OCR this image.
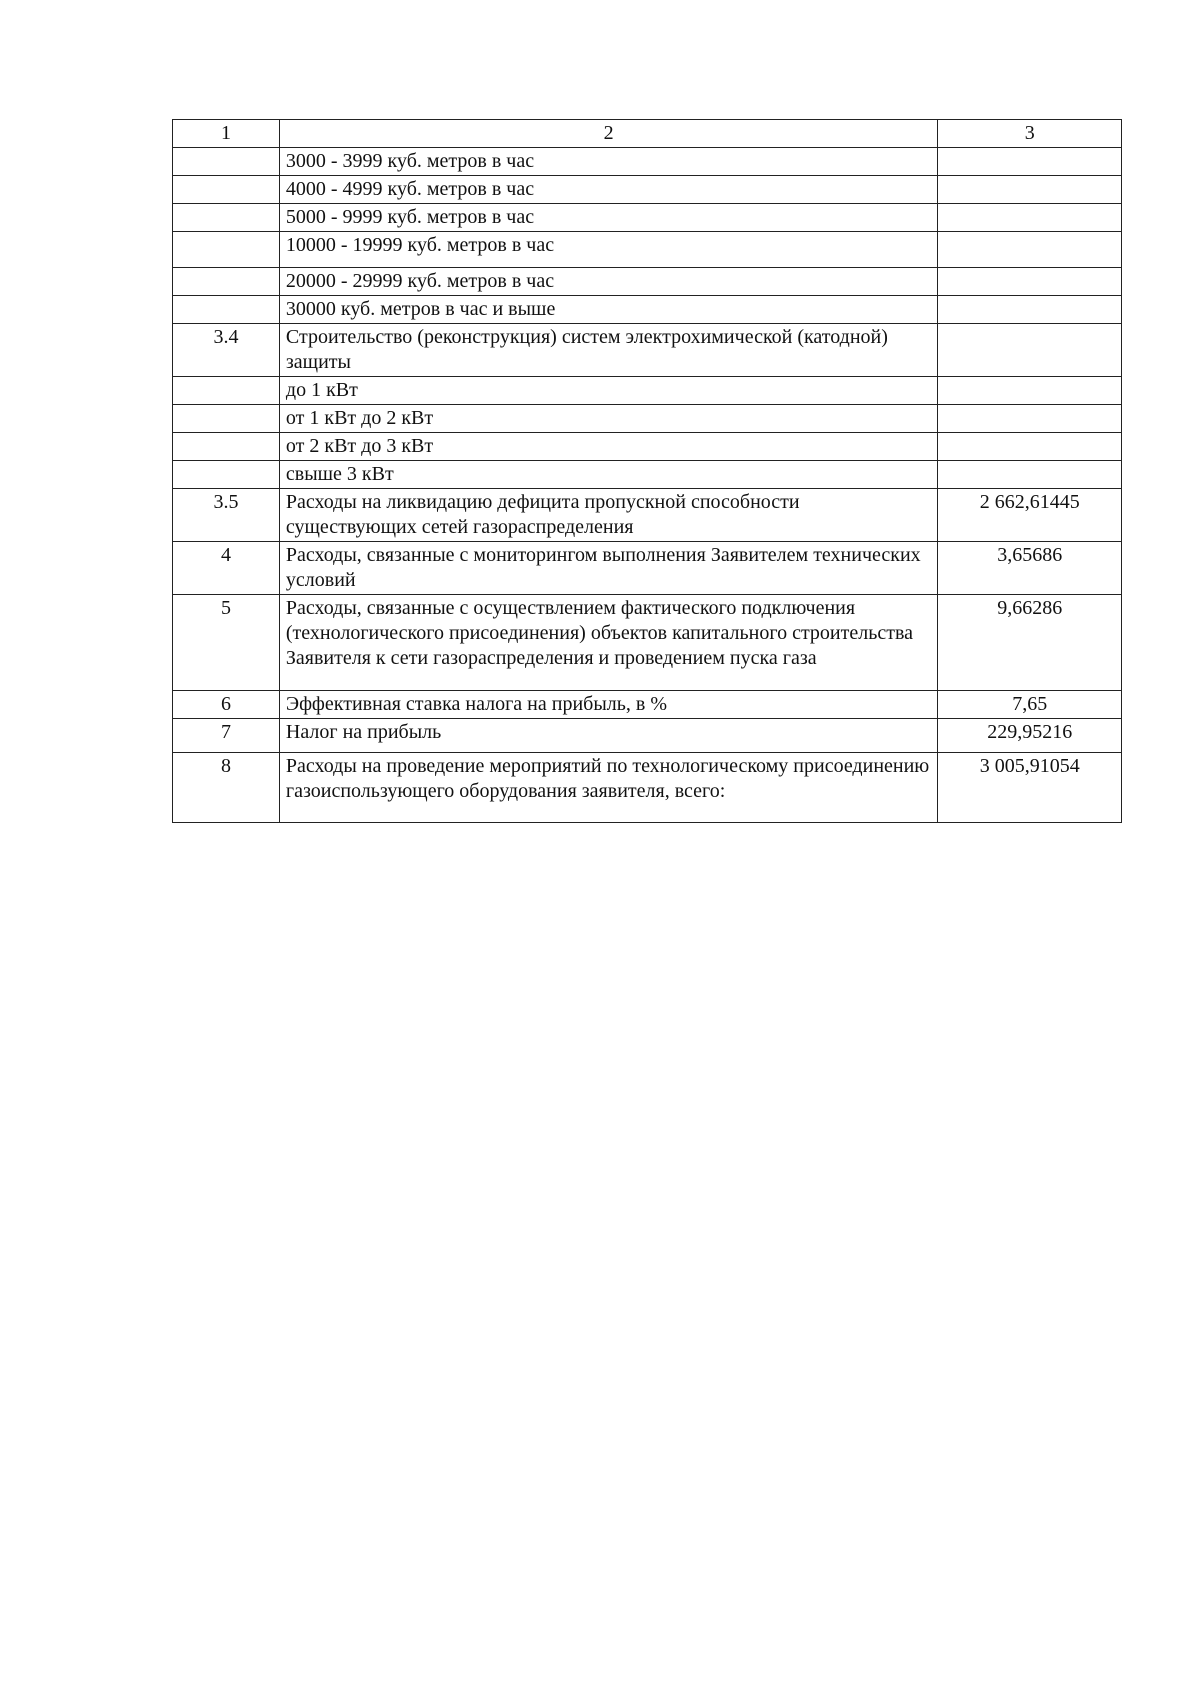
1	2	3
	3000 - 3999 куб. метров в час	
	4000 - 4999 куб. метров в час	
	5000 - 9999 куб. метров в час	
	10000 - 19999 куб. метров в час	
	20000 - 29999 куб. метров в час	
	30000 куб. метров в час и выше	
3.4	Строительство (реконструкция) систем электрохимической (катодной) защиты	
	до 1 кВт	
	от 1 кВт до 2 кВт	
	от 2 кВт до 3 кВт	
	свыше 3 кВт	
3.5	Расходы на ликвидацию дефицита пропускной способности существующих сетей газораспределения	2 662,61445
4	Расходы, связанные с мониторингом выполнения Заявителем технических условий	3,65686
5	Расходы, связанные с осуществлением фактического подключения (технологического присоединения) объектов капитального строительства Заявителя к сети газораспределения и проведением пуска газа	9,66286
6	Эффективная ставка налога на прибыль, в %	7,65
7	Налог на прибыль	229,95216
8	Расходы на проведение мероприятий по технологическому присоединению газоиспользующего оборудования заявителя, всего:	3 005,91054
